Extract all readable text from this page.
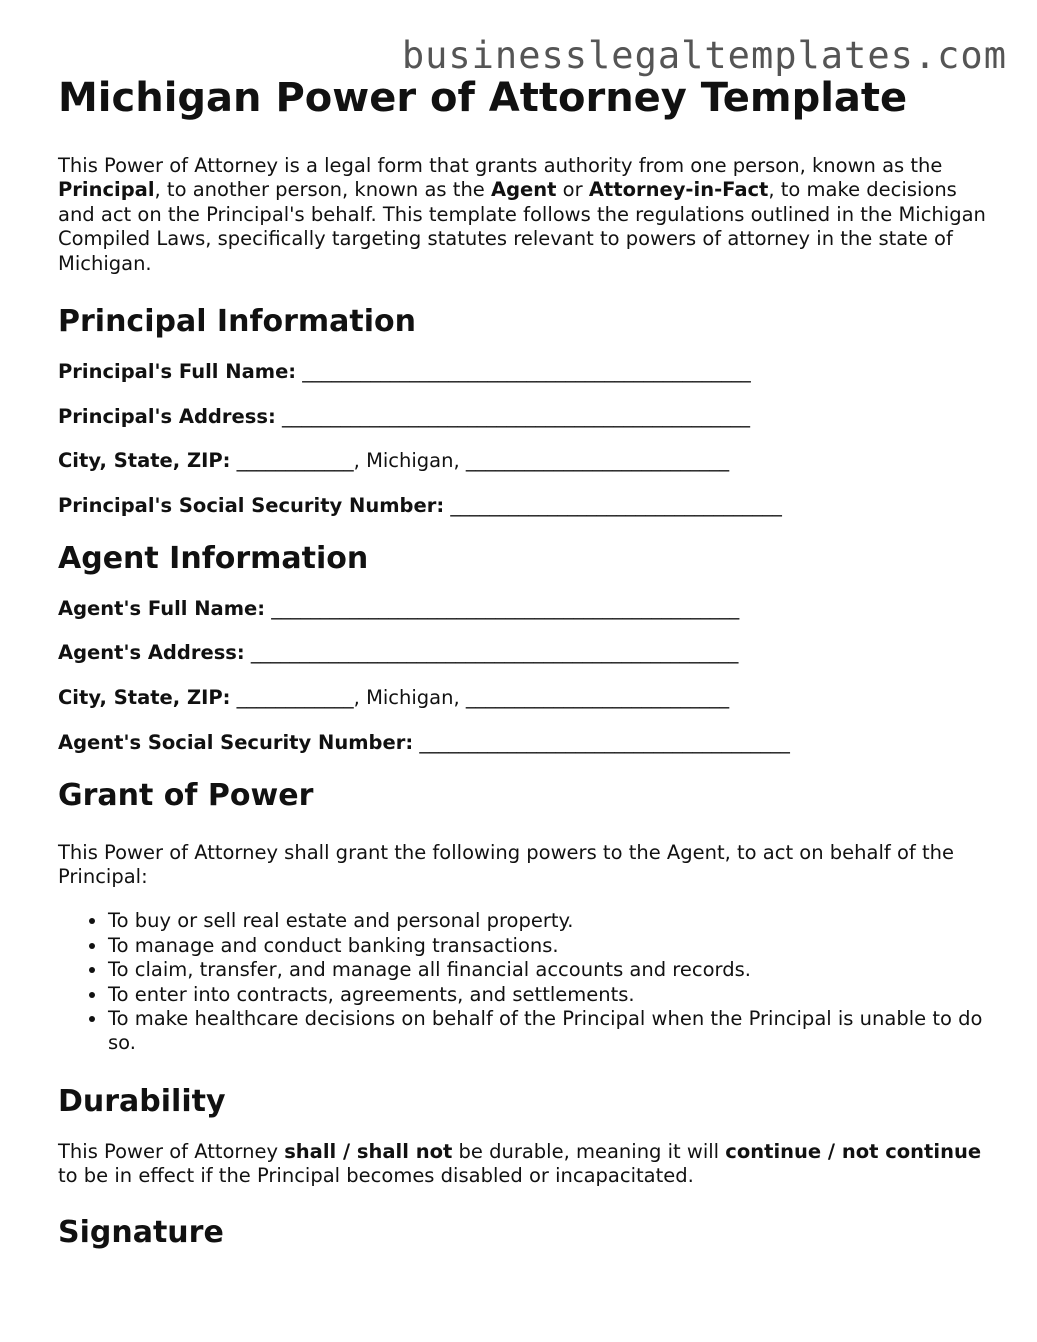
businesslegaltemplates.com
Michigan Power of Attorney Template

This Power of Attorney is a legal form that grants authority from one person, known as the Principal, to another person, known as the Agent or Attorney-in-Fact, to make decisions and act on the Principal's behalf. This template follows the regulations outlined in the Michigan Compiled Laws, specifically targeting statutes relevant to powers of attorney in the state of Michigan.

Principal Information
Principal's Full Name: ______________________________________________
Principal's Address: ________________________________________________
City, State, ZIP: ____________, Michigan, ___________________________
Principal's Social Security Number: __________________________________
Agent Information
Agent's Full Name: ________________________________________________
Agent's Address: __________________________________________________
City, State, ZIP: ____________, Michigan, ___________________________
Agent's Social Security Number: ______________________________________
Grant of Power

This Power of Attorney shall grant the following powers to the Agent, to act on behalf of the Principal:

• To buy or sell real estate and personal property.
• To manage and conduct banking transactions.
• To claim, transfer, and manage all financial accounts and records.
• To enter into contracts, agreements, and settlements.
• To make healthcare decisions on behalf of the Principal when the Principal is unable to do so.
Durability

This Power of Attorney shall / shall not be durable, meaning it will continue / not continue to be in effect if the Principal becomes disabled or incapacitated.

Signature
